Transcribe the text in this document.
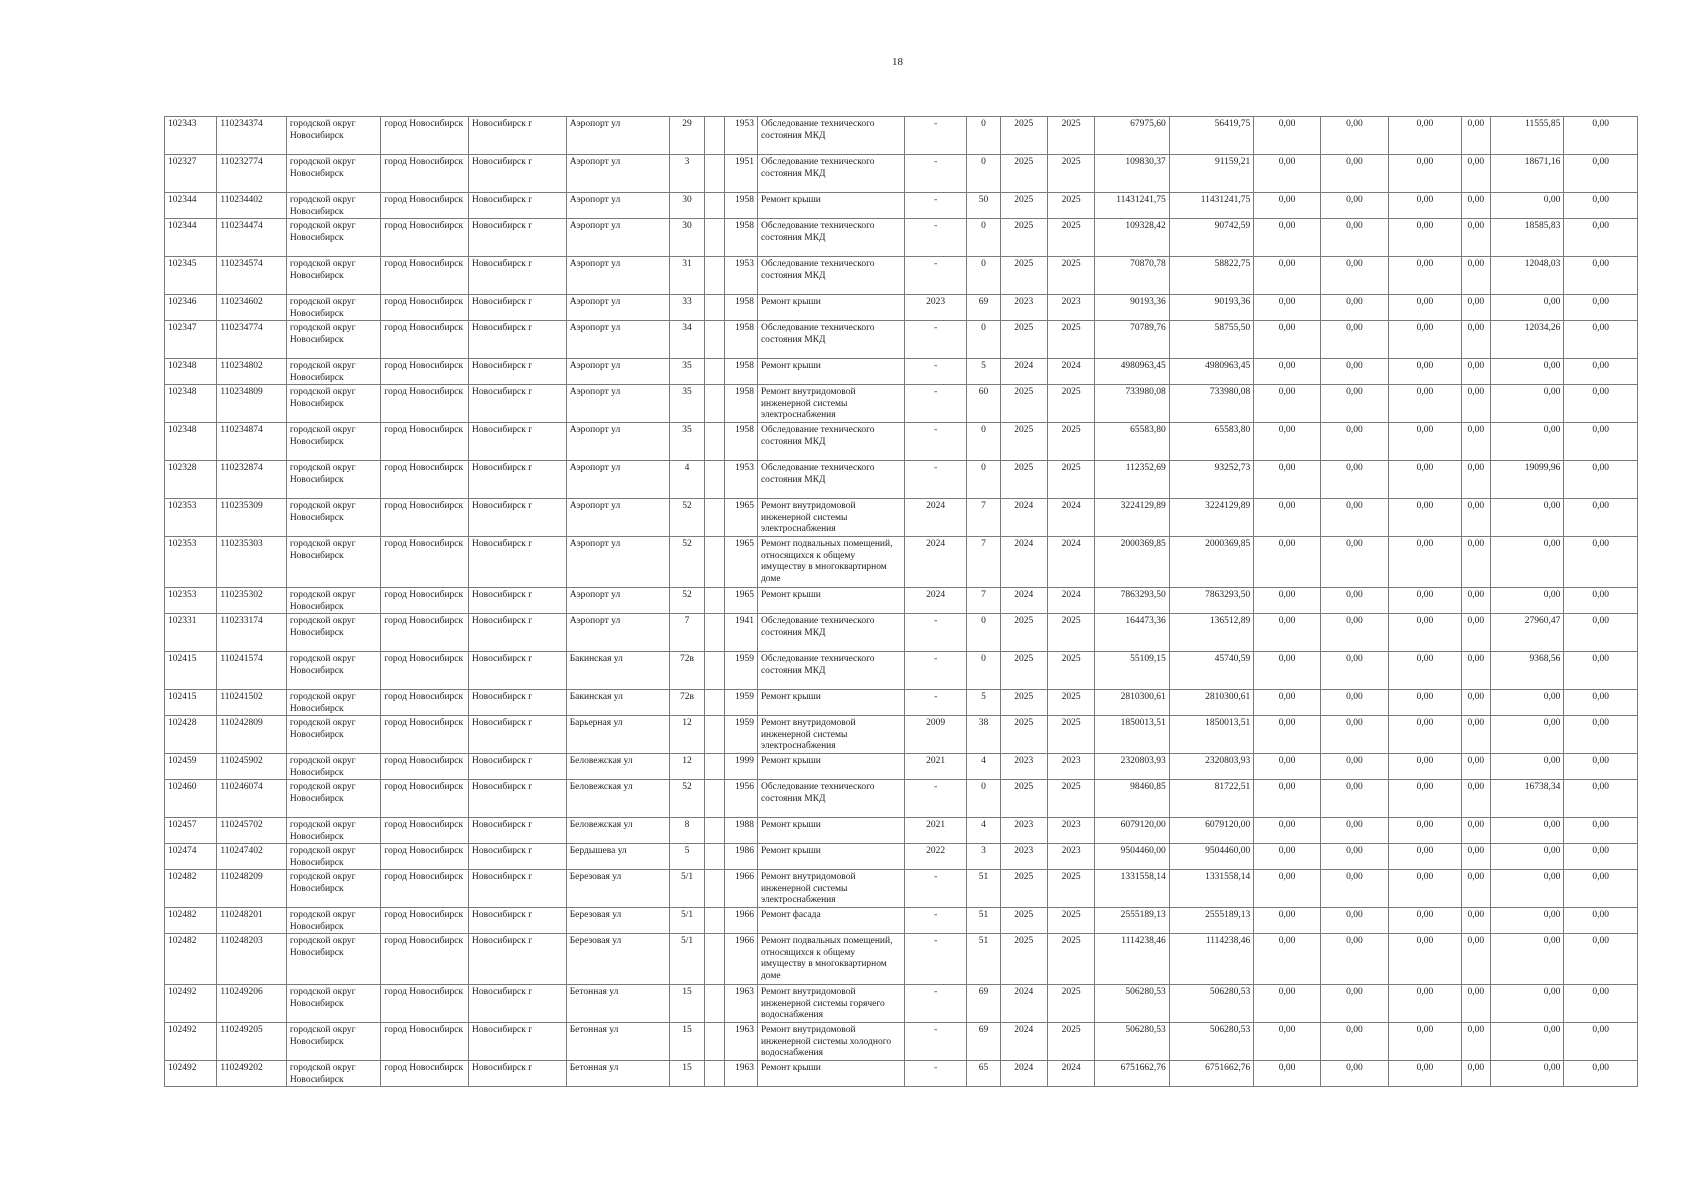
18
102343	110234374	городской округ Новосибирск	город Новосибирск	Новосибирск г	Аэропорт ул	29		1953	Обследование технического состояния МКД	-	0	2025	2025	67975,60	56419,75	0,00	0,00	0,00	0,00	11555,85	0,00
102327	110232774	городской округ Новосибирск	город Новосибирск	Новосибирск г	Аэропорт ул	3		1951	Обследование технического состояния МКД	-	0	2025	2025	109830,37	91159,21	0,00	0,00	0,00	0,00	18671,16	0,00
102344	110234402	городской округ Новосибирск	город Новосибирск	Новосибирск г	Аэропорт ул	30		1958	Ремонт крыши	-	50	2025	2025	11431241,75	11431241,75	0,00	0,00	0,00	0,00	0,00	0,00
102344	110234474	городской округ Новосибирск	город Новосибирск	Новосибирск г	Аэропорт ул	30		1958	Обследование технического состояния МКД	-	0	2025	2025	109328,42	90742,59	0,00	0,00	0,00	0,00	18585,83	0,00
102345	110234574	городской округ Новосибирск	город Новосибирск	Новосибирск г	Аэропорт ул	31		1953	Обследование технического состояния МКД	-	0	2025	2025	70870,78	58822,75	0,00	0,00	0,00	0,00	12048,03	0,00
102346	110234602	городской округ Новосибирск	город Новосибирск	Новосибирск г	Аэропорт ул	33		1958	Ремонт крыши	2023	69	2023	2023	90193,36	90193,36	0,00	0,00	0,00	0,00	0,00	0,00
102347	110234774	городской округ Новосибирск	город Новосибирск	Новосибирск г	Аэропорт ул	34		1958	Обследование технического состояния МКД	-	0	2025	2025	70789,76	58755,50	0,00	0,00	0,00	0,00	12034,26	0,00
102348	110234802	городской округ Новосибирск	город Новосибирск	Новосибирск г	Аэропорт ул	35		1958	Ремонт крыши	-	5	2024	2024	4980963,45	4980963,45	0,00	0,00	0,00	0,00	0,00	0,00
102348	110234809	городской округ Новосибирск	город Новосибирск	Новосибирск г	Аэропорт ул	35		1958	Ремонт внутридомовой инженерной системы электроснабжения	-	60	2025	2025	733980,08	733980,08	0,00	0,00	0,00	0,00	0,00	0,00
102348	110234874	городской округ Новосибирск	город Новосибирск	Новосибирск г	Аэропорт ул	35		1958	Обследование технического состояния МКД	-	0	2025	2025	65583,80	65583,80	0,00	0,00	0,00	0,00	0,00	0,00
102328	110232874	городской округ Новосибирск	город Новосибирск	Новосибирск г	Аэропорт ул	4		1953	Обследование технического состояния МКД	-	0	2025	2025	112352,69	93252,73	0,00	0,00	0,00	0,00	19099,96	0,00
102353	110235309	городской округ Новосибирск	город Новосибирск	Новосибирск г	Аэропорт ул	52		1965	Ремонт внутридомовой инженерной системы электроснабжения	2024	7	2024	2024	3224129,89	3224129,89	0,00	0,00	0,00	0,00	0,00	0,00
102353	110235303	городской округ Новосибирск	город Новосибирск	Новосибирск г	Аэропорт ул	52		1965	Ремонт подвальных помещений, относящихся к общему имуществу в многоквартирном доме	2024	7	2024	2024	2000369,85	2000369,85	0,00	0,00	0,00	0,00	0,00	0,00
102353	110235302	городской округ Новосибирск	город Новосибирск	Новосибирск г	Аэропорт ул	52		1965	Ремонт крыши	2024	7	2024	2024	7863293,50	7863293,50	0,00	0,00	0,00	0,00	0,00	0,00
102331	110233174	городской округ Новосибирск	город Новосибирск	Новосибирск г	Аэропорт ул	7		1941	Обследование технического состояния МКД	-	0	2025	2025	164473,36	136512,89	0,00	0,00	0,00	0,00	27960,47	0,00
102415	110241574	городской округ Новосибирск	город Новосибирск	Новосибирск г	Бакинская ул	72в		1959	Обследование технического состояния МКД	-	0	2025	2025	55109,15	45740,59	0,00	0,00	0,00	0,00	9368,56	0,00
102415	110241502	городской округ Новосибирск	город Новосибирск	Новосибирск г	Бакинская ул	72в		1959	Ремонт крыши	-	5	2025	2025	2810300,61	2810300,61	0,00	0,00	0,00	0,00	0,00	0,00
102428	110242809	городской округ Новосибирск	город Новосибирск	Новосибирск г	Барьерная ул	12		1959	Ремонт внутридомовой инженерной системы электроснабжения	2009	38	2025	2025	1850013,51	1850013,51	0,00	0,00	0,00	0,00	0,00	0,00
102459	110245902	городской округ Новосибирск	город Новосибирск	Новосибирск г	Беловежская ул	12		1999	Ремонт крыши	2021	4	2023	2023	2320803,93	2320803,93	0,00	0,00	0,00	0,00	0,00	0,00
102460	110246074	городской округ Новосибирск	город Новосибирск	Новосибирск г	Беловежская ул	52		1956	Обследование технического состояния МКД	-	0	2025	2025	98460,85	81722,51	0,00	0,00	0,00	0,00	16738,34	0,00
102457	110245702	городской округ Новосибирск	город Новосибирск	Новосибирск г	Беловежская ул	8		1988	Ремонт крыши	2021	4	2023	2023	6079120,00	6079120,00	0,00	0,00	0,00	0,00	0,00	0,00
102474	110247402	городской округ Новосибирск	город Новосибирск	Новосибирск г	Бердышева ул	5		1986	Ремонт крыши	2022	3	2023	2023	9504460,00	9504460,00	0,00	0,00	0,00	0,00	0,00	0,00
102482	110248209	городской округ Новосибирск	город Новосибирск	Новосибирск г	Березовая ул	5/1		1966	Ремонт внутридомовой инженерной системы электроснабжения	-	51	2025	2025	1331558,14	1331558,14	0,00	0,00	0,00	0,00	0,00	0,00
102482	110248201	городской округ Новосибирск	город Новосибирск	Новосибирск г	Березовая ул	5/1		1966	Ремонт фасада	-	51	2025	2025	2555189,13	2555189,13	0,00	0,00	0,00	0,00	0,00	0,00
102482	110248203	городской округ Новосибирск	город Новосибирск	Новосибирск г	Березовая ул	5/1		1966	Ремонт подвальных помещений, относящихся к общему имуществу в многоквартирном доме	-	51	2025	2025	1114238,46	1114238,46	0,00	0,00	0,00	0,00	0,00	0,00
102492	110249206	городской округ Новосибирск	город Новосибирск	Новосибирск г	Бетонная ул	15		1963	Ремонт внутридомовой инженерной системы горячего водоснабжения	-	69	2024	2025	506280,53	506280,53	0,00	0,00	0,00	0,00	0,00	0,00
102492	110249205	городской округ Новосибирск	город Новосибирск	Новосибирск г	Бетонная ул	15		1963	Ремонт внутридомовой инженерной системы холодного водоснабжения	-	69	2024	2025	506280,53	506280,53	0,00	0,00	0,00	0,00	0,00	0,00
102492	110249202	городской округ Новосибирск	город Новосибирск	Новосибирск г	Бетонная ул	15		1963	Ремонт крыши	-	65	2024	2024	6751662,76	6751662,76	0,00	0,00	0,00	0,00	0,00	0,00
